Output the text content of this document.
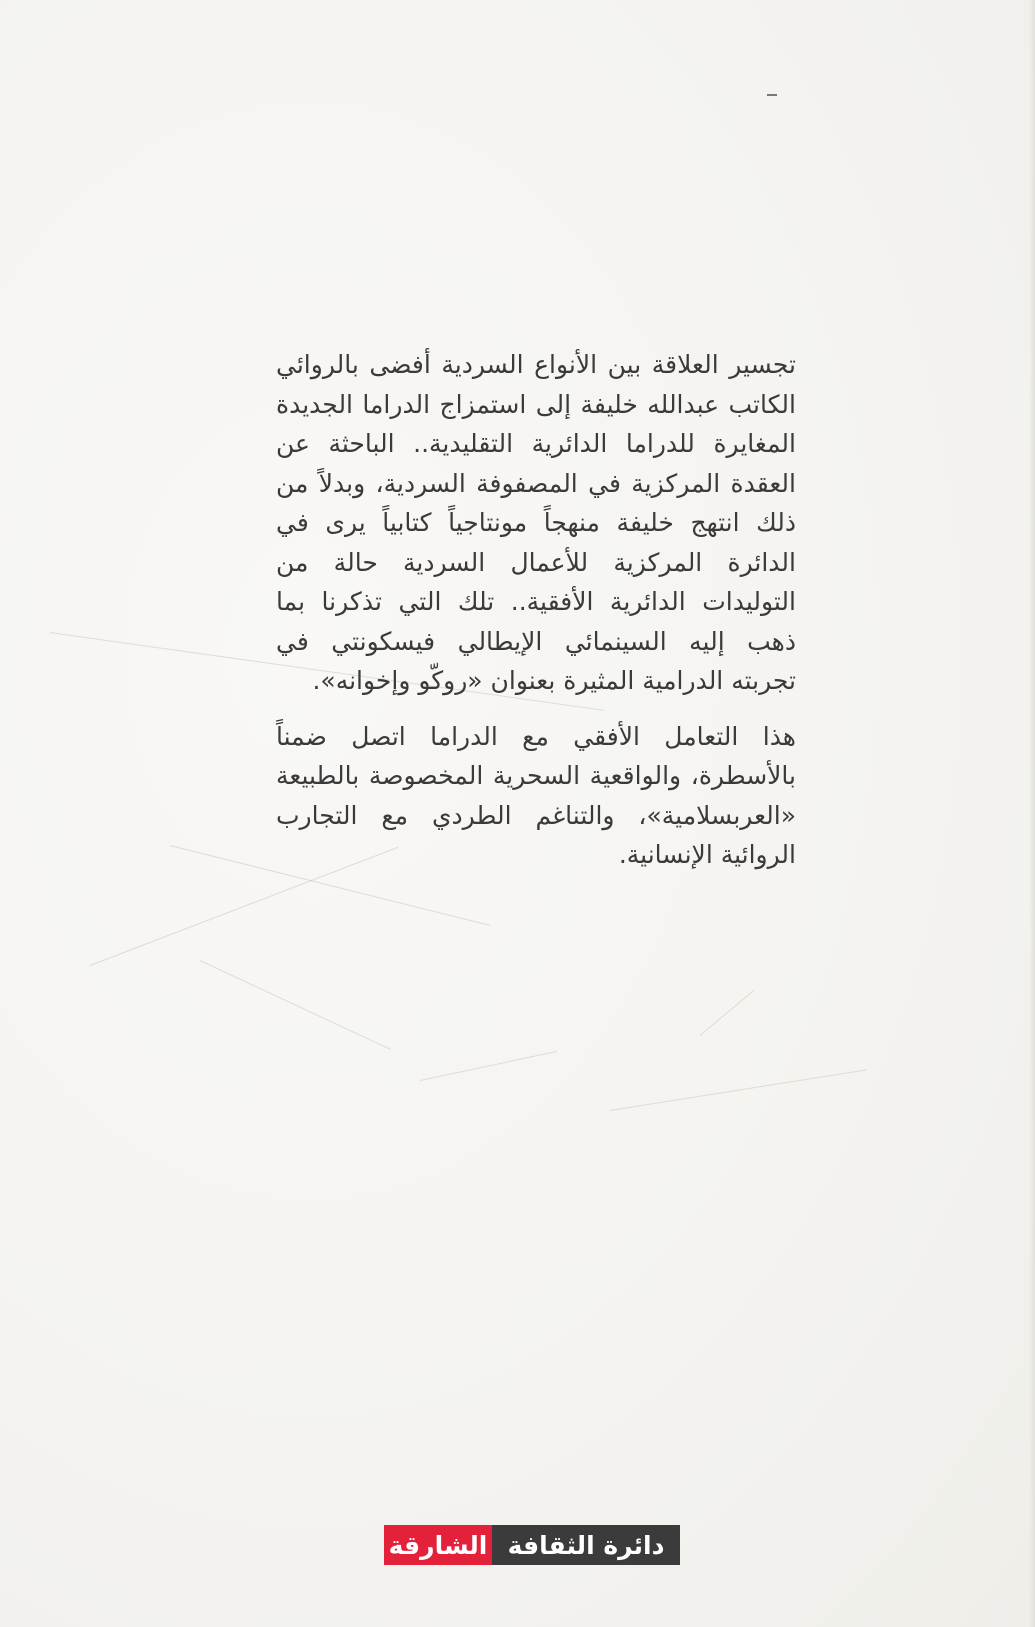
تجسير العلاقة بين الأنواع السردية أفضى بالروائي الكاتب عبدالله خليفة إلى استمزاج الدراما الجديدة المغايرة للدراما الدائرية التقليدية.. الباحثة عن العقدة المركزية في المصفوفة السردية، وبدلاً من ذلك انتهج خليفة منهجاً مونتاجياً كتابياً يرى في الدائرة المركزية للأعمال السردية حالة من التوليدات الدائرية الأفقية.. تلك التي تذكرنا بما ذهب إليه السينمائي الإيطالي فيسكونتي في تجربته الدرامية المثيرة بعنوان «روكّو وإخوانه».

هذا التعامل الأفقي مع الدراما اتصل ضمناً بالأسطرة، والواقعية السحرية المخصوصة بالطبيعة «العربسلامية»، والتناغم الطردي مع التجارب الروائية الإنسانية.

الشارقة دائرة الثقافة
